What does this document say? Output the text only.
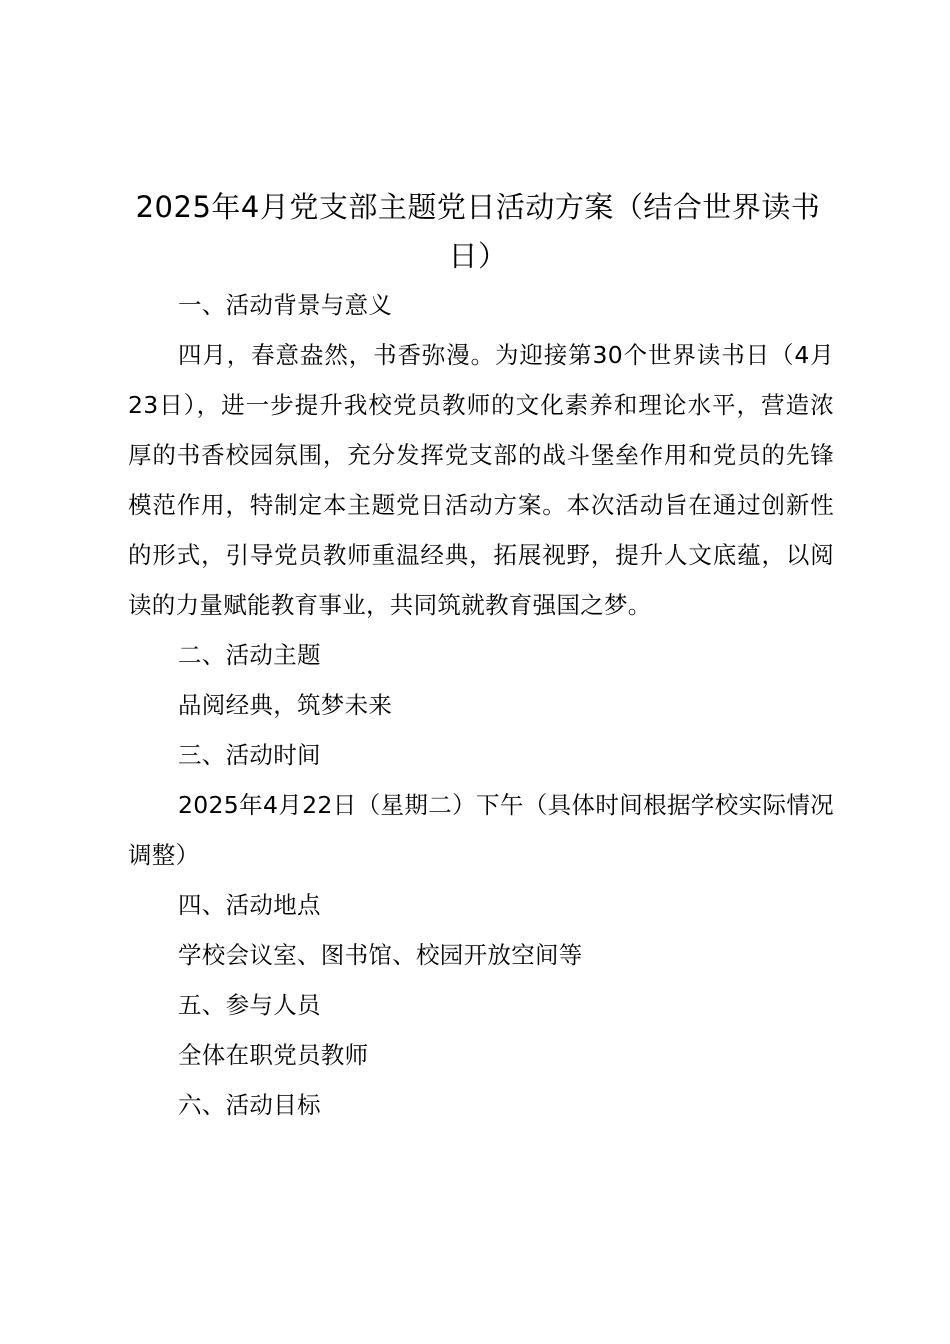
2025年4月党支部主题党日活动方案（结合世界读书日）

一、活动背景与意义

四月，春意盎然，书香弥漫。为迎接第30个世界读书日（4月23日），进一步提升我校党员教师的文化素养和理论水平，营造浓厚的书香校园氛围，充分发挥党支部的战斗堡垒作用和党员的先锋模范作用，特制定本主题党日活动方案。本次活动旨在通过创新性的形式，引导党员教师重温经典，拓展视野，提升人文底蕴，以阅读的力量赋能教育事业，共同筑就教育强国之梦。

二、活动主题

品阅经典，筑梦未来

三、活动时间

2025年4月22日（星期二）下午（具体时间根据学校实际情况调整）

四、活动地点

学校会议室、图书馆、校园开放空间等

五、参与人员

全体在职党员教师

六、活动目标
